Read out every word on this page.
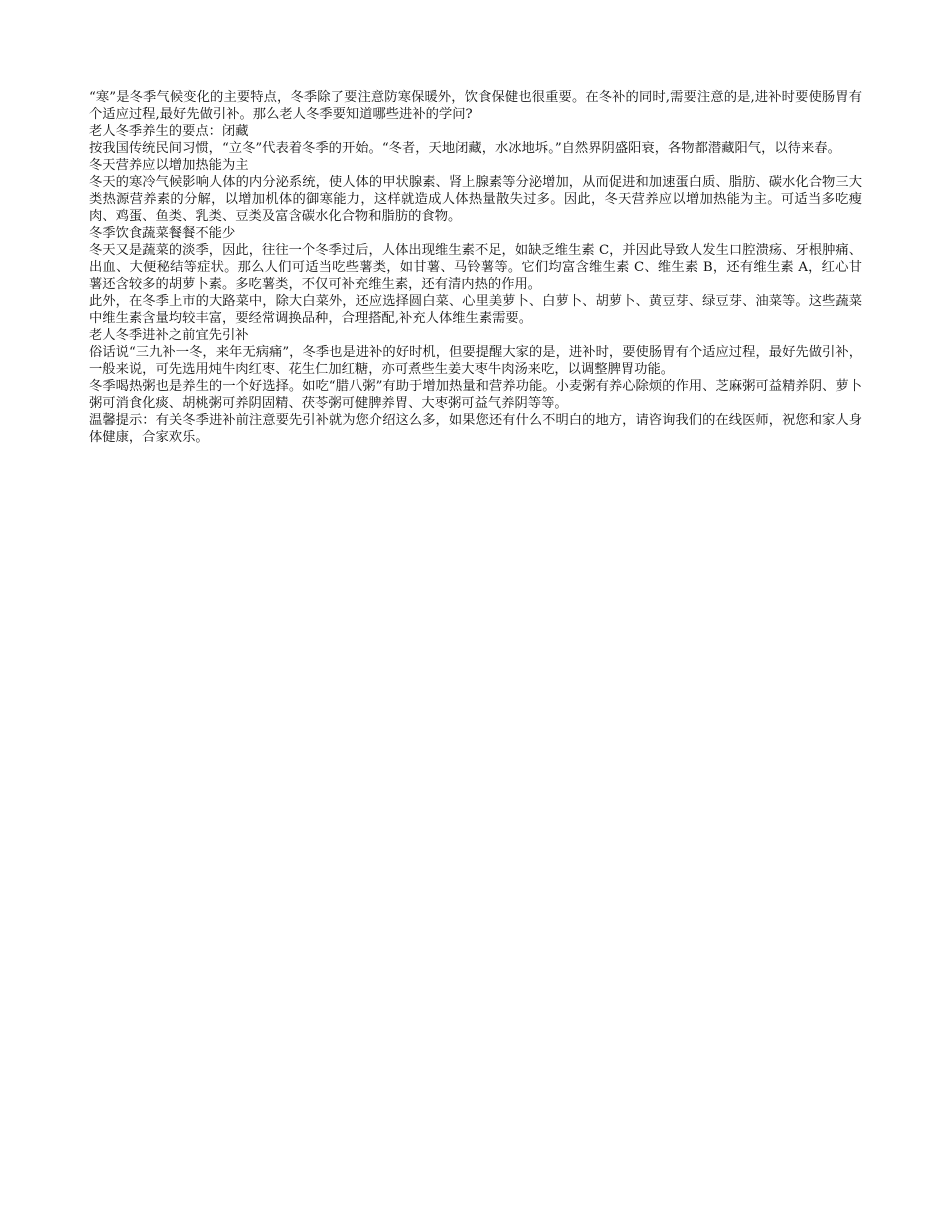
“寒”是冬季气候变化的主要特点，冬季除了要注意防寒保暖外，饮食保健也很重要。在冬补的同时,需要注意的是,进补时要使肠胃有个适应过程,最好先做引补。那么老人冬季要知道哪些进补的学问?

老人冬季养生的要点：闭藏

按我国传统民间习惯，“立冬”代表着冬季的开始。“冬者，天地闭藏，水冰地坼。”自然界阴盛阳衰，各物都潜藏阳气，以待来春。

冬天营养应以增加热能为主

冬天的寒冷气候影响人体的内分泌系统，使人体的甲状腺素、肾上腺素等分泌增加，从而促进和加速蛋白质、脂肪、碳水化合物三大类热源营养素的分解，以增加机体的御寒能力，这样就造成人体热量散失过多。因此，冬天营养应以增加热能为主。可适当多吃瘦肉、鸡蛋、鱼类、乳类、豆类及富含碳水化合物和脂肪的食物。

冬季饮食蔬菜餐餐不能少

冬天又是蔬菜的淡季，因此，往往一个冬季过后，人体出现维生素不足，如缺乏维生素 C，并因此导致人发生口腔溃疡、牙根肿痛、出血、大便秘结等症状。那么人们可适当吃些薯类，如甘薯、马铃薯等。它们均富含维生素 C、维生素 B，还有维生素 A，红心甘薯还含较多的胡萝卜素。多吃薯类，不仅可补充维生素，还有清内热的作用。

此外，在冬季上市的大路菜中，除大白菜外，还应选择圆白菜、心里美萝卜、白萝卜、胡萝卜、黄豆芽、绿豆芽、油菜等。这些蔬菜中维生素含量均较丰富，要经常调换品种，合理搭配,补充人体维生素需要。

老人冬季进补之前宜先引补

俗话说“三九补一冬，来年无病痛”，冬季也是进补的好时机，但要提醒大家的是，进补时，要使肠胃有个适应过程，最好先做引补，一般来说，可先选用炖牛肉红枣、花生仁加红糖，亦可煮些生姜大枣牛肉汤来吃，以调整脾胃功能。

冬季喝热粥也是养生的一个好选择。如吃“腊八粥”有助于增加热量和营养功能。小麦粥有养心除烦的作用、芝麻粥可益精养阴、萝卜粥可消食化痰、胡桃粥可养阴固精、茯苓粥可健脾养胃、大枣粥可益气养阴等等。

温馨提示：有关冬季进补前注意要先引补就为您介绍这么多，如果您还有什么不明白的地方，请咨询我们的在线医师，祝您和家人身体健康，合家欢乐。
